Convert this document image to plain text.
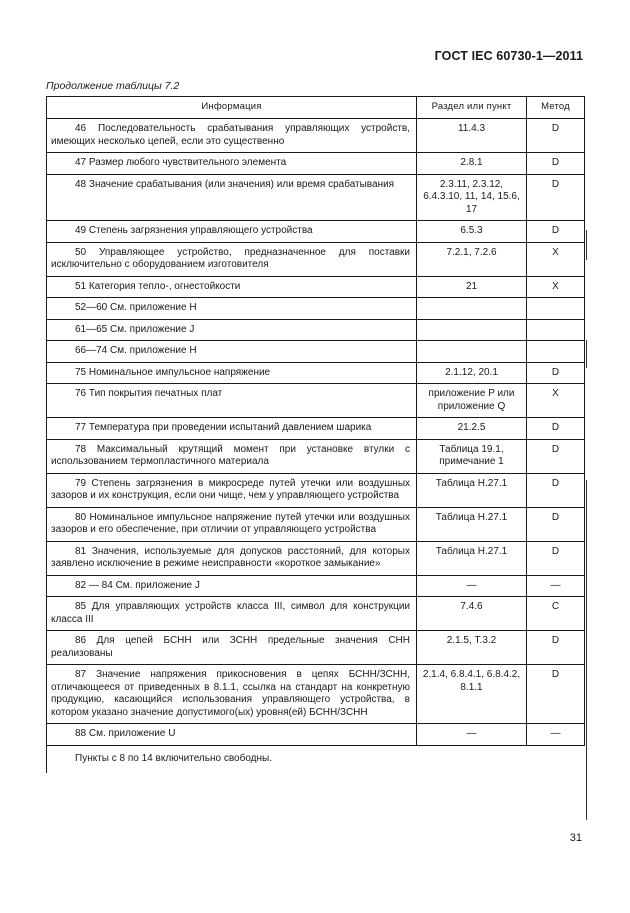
ГОСТ IEC 60730-1—2011
Продолжение таблицы 7.2
Информация	Раздел или пункт	Метод

46 Последовательность срабатывания управляющих устройств, имеющих несколько цепей, если это существенно	11.4.3	D

47 Размер любого чувствительного элемента	2.8.1	D

48 Значение срабатывания (или значения) или время срабатывания	2.3.11, 2.3.12, 6.4.3.10, 11, 14, 15.6, 17	D

49 Степень загрязнения управляющего устройства	6.5.3	D

50 Управляющее устройство, предназначенное для поставки исключительно с оборудованием изготовителя	7.2.1, 7.2.6	X

51 Категория тепло-, огнестойкости	21	X

52—60 См. приложение H		

61—65 См. приложение J		

66—74 См. приложение H		

75 Номинальное импульсное напряжение	2.1.12, 20.1	D

76 Тип покрытия печатных плат	приложение P или приложение Q	X

77 Температура при проведении испытаний давлением шарика	21.2.5	D

78 Максимальный крутящий момент при установке втулки с использованием термопластичного материала	Таблица 19.1, примечание 1	D

79 Степень загрязнения в микросреде путей утечки или воздушных зазоров и их конструкция, если они чище, чем у управляющего устройства	Таблица H.27.1	D

80 Номинальное импульсное напряжение путей утечки или воздушных зазоров и его обеспечение, при отличии от управляющего устройства	Таблица H.27.1	D

81 Значения, используемые для допусков расстояний, для которых заявлено исключение в режиме неисправности «короткое замыкание»	Таблица H.27.1	D

82 — 84 См. приложение J	—	—

85 Для управляющих устройств класса III, символ для конструкции класса III	7.4.6	C

86 Для цепей БСНН или ЗСНН предельные значения СНН реализованы	2.1.5, Т.3.2	D

87 Значение напряжения прикосновения в цепях БСНН/ЗСНН, отличающееся от приведенных в 8.1.1, ссылка на стандарт на конкретную продукцию, касающийся использования управляющего устройства, в котором указано значение допустимого(ых) уровня(ей) БСНН/ЗСНН	2.1.4, 6.8.4.1, 6.8.4.2, 8.1.1	D

88 См. приложение U	—	—

Пункты с 8 по 14 включительно свободны.		
31
